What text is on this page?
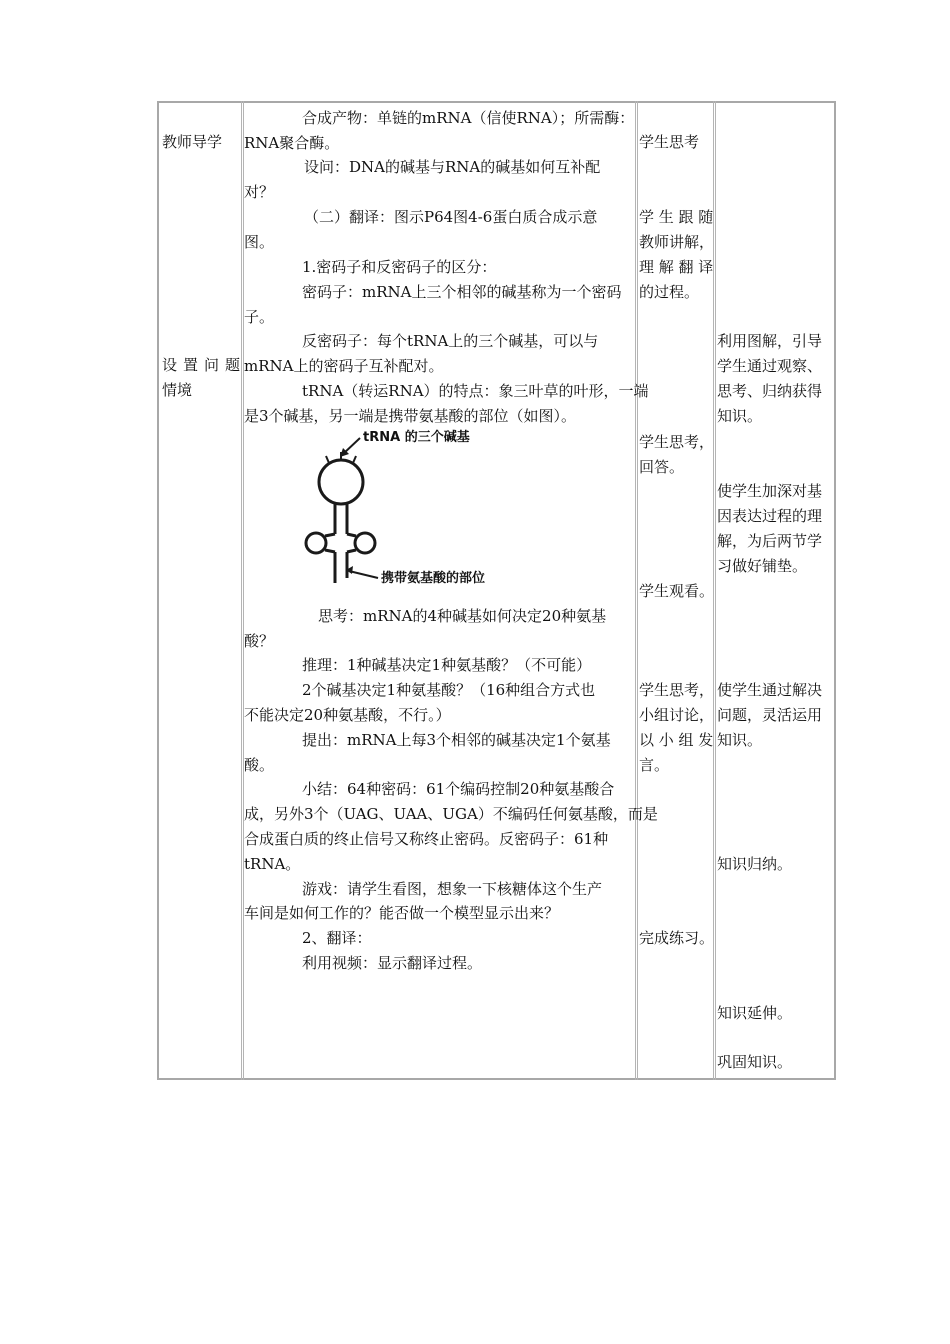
教师导学
设 置 问 题
情境
合成产物：单链的mRNA（信使RNA）；所需酶：
RNA聚合酶。
设问：DNA的碱基与RNA的碱基如何互补配
对？
（二）翻译：图示P64图4-6蛋白质合成示意
图。
1.密码子和反密码子的区分：
密码子：mRNA上三个相邻的碱基称为一个密码
子。
反密码子：每个tRNA上的三个碱基，可以与
mRNA上的密码子互补配对。
tRNA（转运RNA）的特点：象三叶草的叶形，一端
是3个碱基，另一端是携带氨基酸的部位（如图）。
tRNA 的三个碱基
携带氨基酸的部位
思考：mRNA的4种碱基如何决定20种氨基
酸？
推理：1种碱基决定1种氨基酸？（不可能）
2个碱基决定1种氨基酸？（16种组合方式也
不能决定20种氨基酸，不行。）
提出：mRNA上每3个相邻的碱基决定1个氨基
酸。
小结：64种密码：61个编码控制20种氨基酸合
成，另外3个（UAG、UAA、UGA）不编码任何氨基酸，而是
合成蛋白质的终止信号又称终止密码。反密码子：61种
tRNA。
游戏：请学生看图，想象一下核糖体这个生产
车间是如何工作的？能否做一个模型显示出来？
2、翻译：
利用视频：显示翻译过程。
学生思考
学 生 跟 随
教师讲解，
理 解 翻 译
的过程。
学生思考，
回答。
学生观看。
学生思考，
小组讨论，
以 小 组 发
言。
完成练习。
利用图解，引导
学生通过观察、
思考、归纳获得
知识。
使学生加深对基
因表达过程的理
解，为后两节学
习做好铺垫。
使学生通过解决
问题，灵活运用
知识。
知识归纳。
知识延伸。
巩固知识。
